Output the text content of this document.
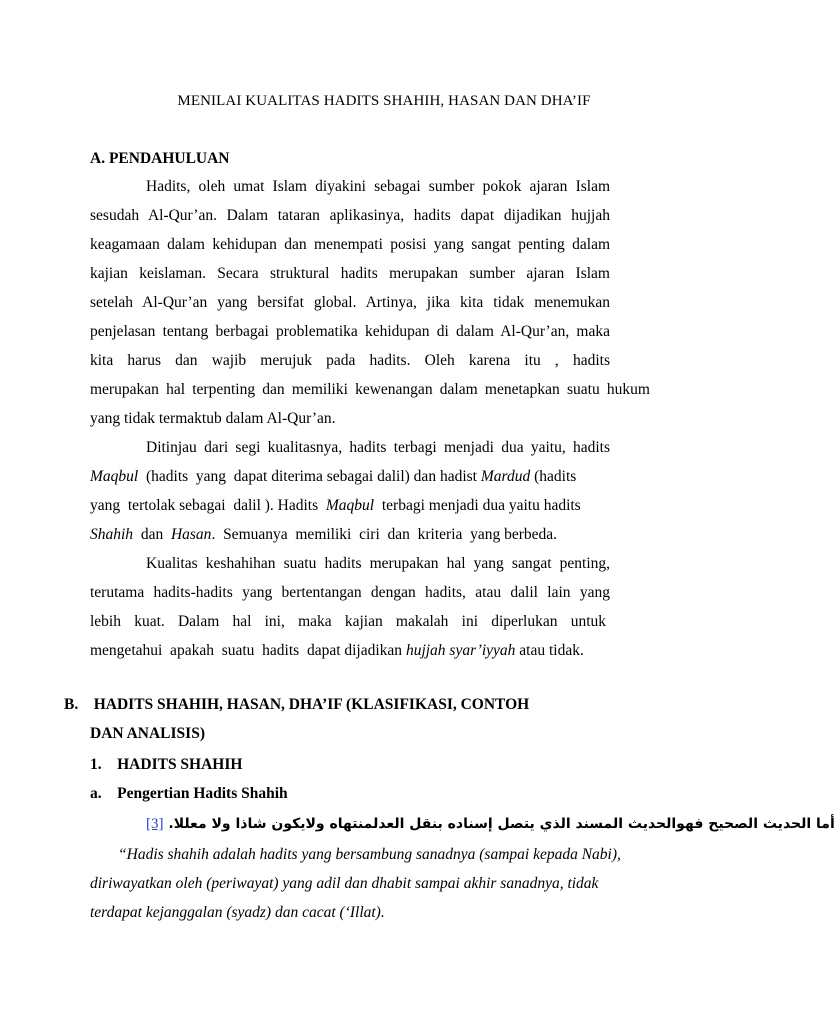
MENILAI KUALITAS HADITS SHAHIH, HASAN DAN DHA’IF
A. PENDAHULUAN
Hadits, oleh umat Islam diyakini sebagai sumber pokok ajaran Islam
sesudah Al-Qur’an. Dalam tataran aplikasinya, hadits dapat dijadikan hujjah
keagamaan dalam kehidupan dan menempati posisi yang sangat penting dalam
kajian keislaman. Secara struktural hadits merupakan sumber ajaran Islam
setelah Al-Qur’an yang bersifat global. Artinya, jika kita tidak menemukan
penjelasan tentang berbagai problematika kehidupan di dalam Al-Qur’an, maka
kita harus dan wajib merujuk pada hadits. Oleh karena itu , hadits
merupakan hal terpenting dan memiliki kewenangan dalam menetapkan suatu hukum
yang tidak termaktub dalam Al-Qur’an.
Ditinjau dari segi kualitasnya, hadits terbagi menjadi dua yaitu, hadits
Maqbul  (hadits  yang  dapat diterima sebagai dalil) dan hadist Mardud (hadits
yang  tertolak sebagai  dalil ). Hadits  Maqbul  terbagi menjadi dua yaitu hadits
Shahih  dan  Hasan.  Semuanya  memiliki  ciri  dan  kriteria  yang berbeda.
Kualitas keshahihan suatu hadits merupakan hal yang sangat penting,
terutama hadits-hadits yang bertentangan dengan hadits, atau dalil lain yang
lebih kuat. Dalam hal ini, maka kajian makalah ini diperlukan untuk
mengetahui  apakah  suatu  hadits  dapat dijadikan hujjah syar’iyyah atau tidak.
B.    HADITS SHAHIH, HASAN, DHA’IF (KLASIFIKASI, CONTOH
DAN ANALISIS)
1.    HADITS SHAHIH
a.    Pengertian Hadits Shahih
[3] أما الحديث الصحيح فهوالحديث المسند الذي يتصل إسناده بنقل العدلمنتهاه ولايكون شاذا ولا معللا.
“Hadis shahih adalah hadits yang bersambung sanadnya (sampai kepada Nabi),
diriwayatkan oleh (periwayat) yang adil dan dhabit sampai akhir sanadnya, tidak
terdapat kejanggalan (syadz) dan cacat (‘Illat).
